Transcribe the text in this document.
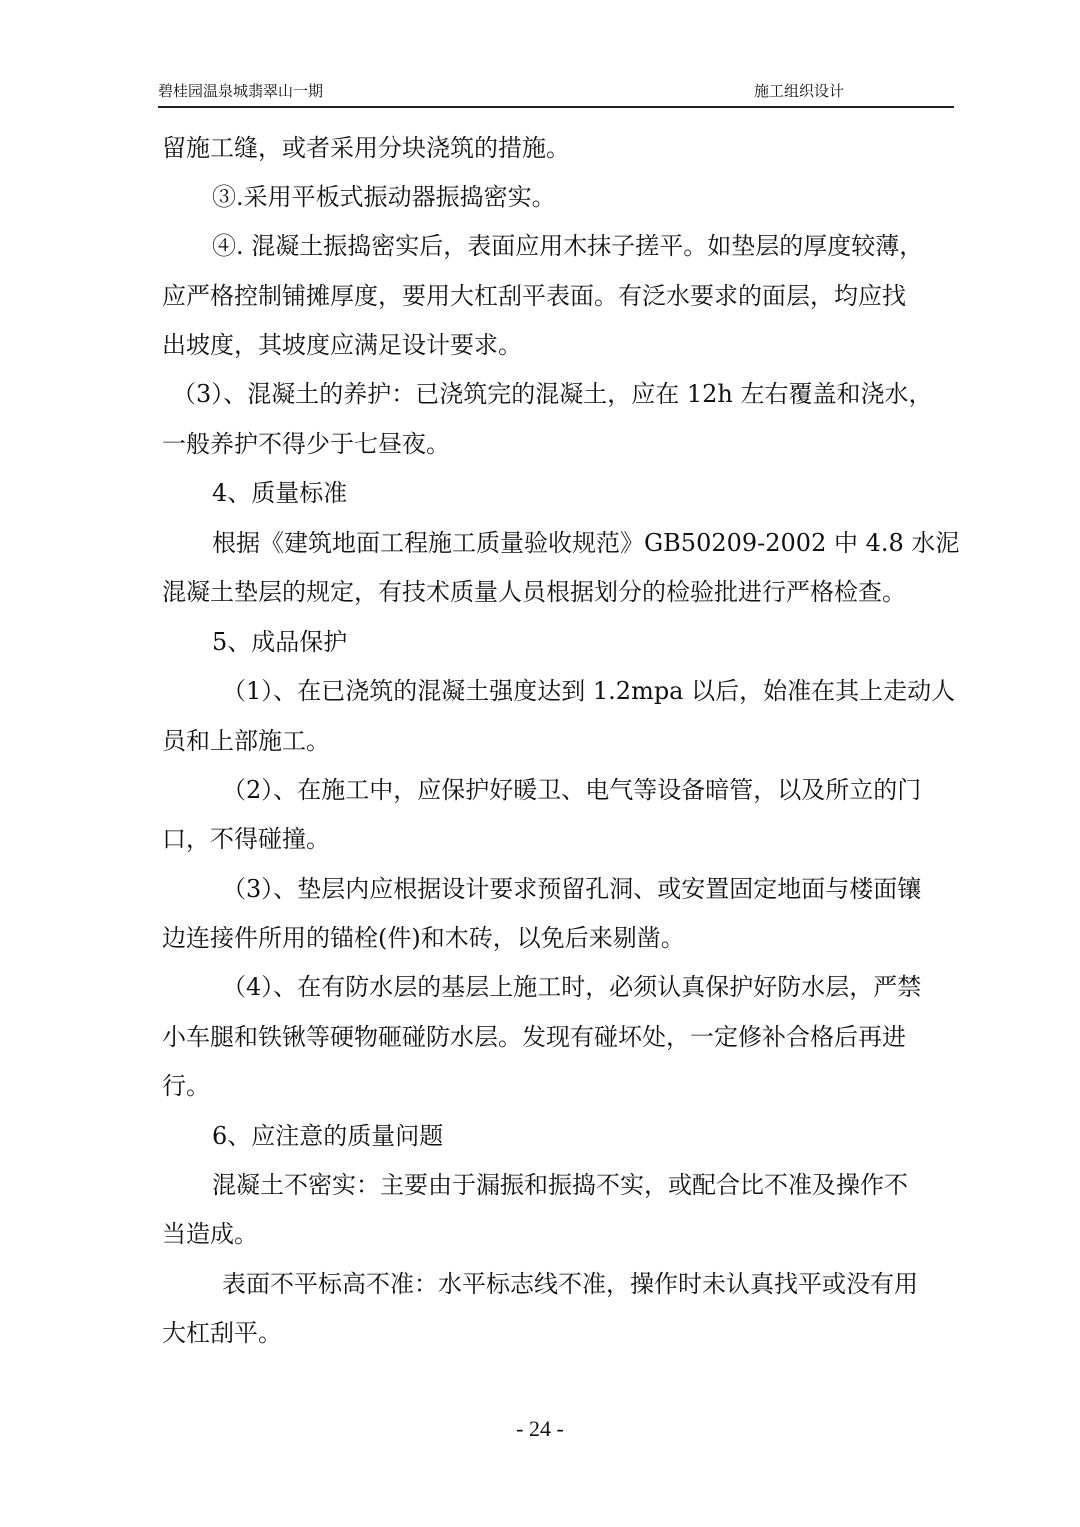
碧桂园温泉城翡翠山一期	施工组织设计
留施工缝，或者采用分块浇筑的措施。
③.采用平板式振动器振捣密实。
④. 混凝土振捣密实后，表面应用木抹子搓平。如垫层的厚度较薄，
应严格控制铺摊厚度，要用大杠刮平表面。有泛水要求的面层，均应找
出坡度，其坡度应满足设计要求。
（3）、混凝土的养护：已浇筑完的混凝土，应在 12h 左右覆盖和浇水，
一般养护不得少于七昼夜。
4、质量标准
根据《建筑地面工程施工质量验收规范》GB50209-2002 中 4.8 水泥
混凝土垫层的规定，有技术质量人员根据划分的检验批进行严格检查。
5、成品保护
（1）、在已浇筑的混凝土强度达到 1.2mpa 以后，始准在其上走动人
员和上部施工。
（2）、在施工中，应保护好暖卫、电气等设备暗管，以及所立的门
口，不得碰撞。
（3）、垫层内应根据设计要求预留孔洞、或安置固定地面与楼面镶
边连接件所用的锚栓(件)和木砖，以免后来剔凿。
（4）、在有防水层的基层上施工时，必须认真保护好防水层，严禁
小车腿和铁锹等硬物砸碰防水层。发现有碰坏处，一定修补合格后再进
行。
6、应注意的质量问题
混凝土不密实：主要由于漏振和振捣不实，或配合比不准及操作不
当造成。
表面不平标高不准：水平标志线不准，操作时未认真找平或没有用
大杠刮平。
- 24 -
